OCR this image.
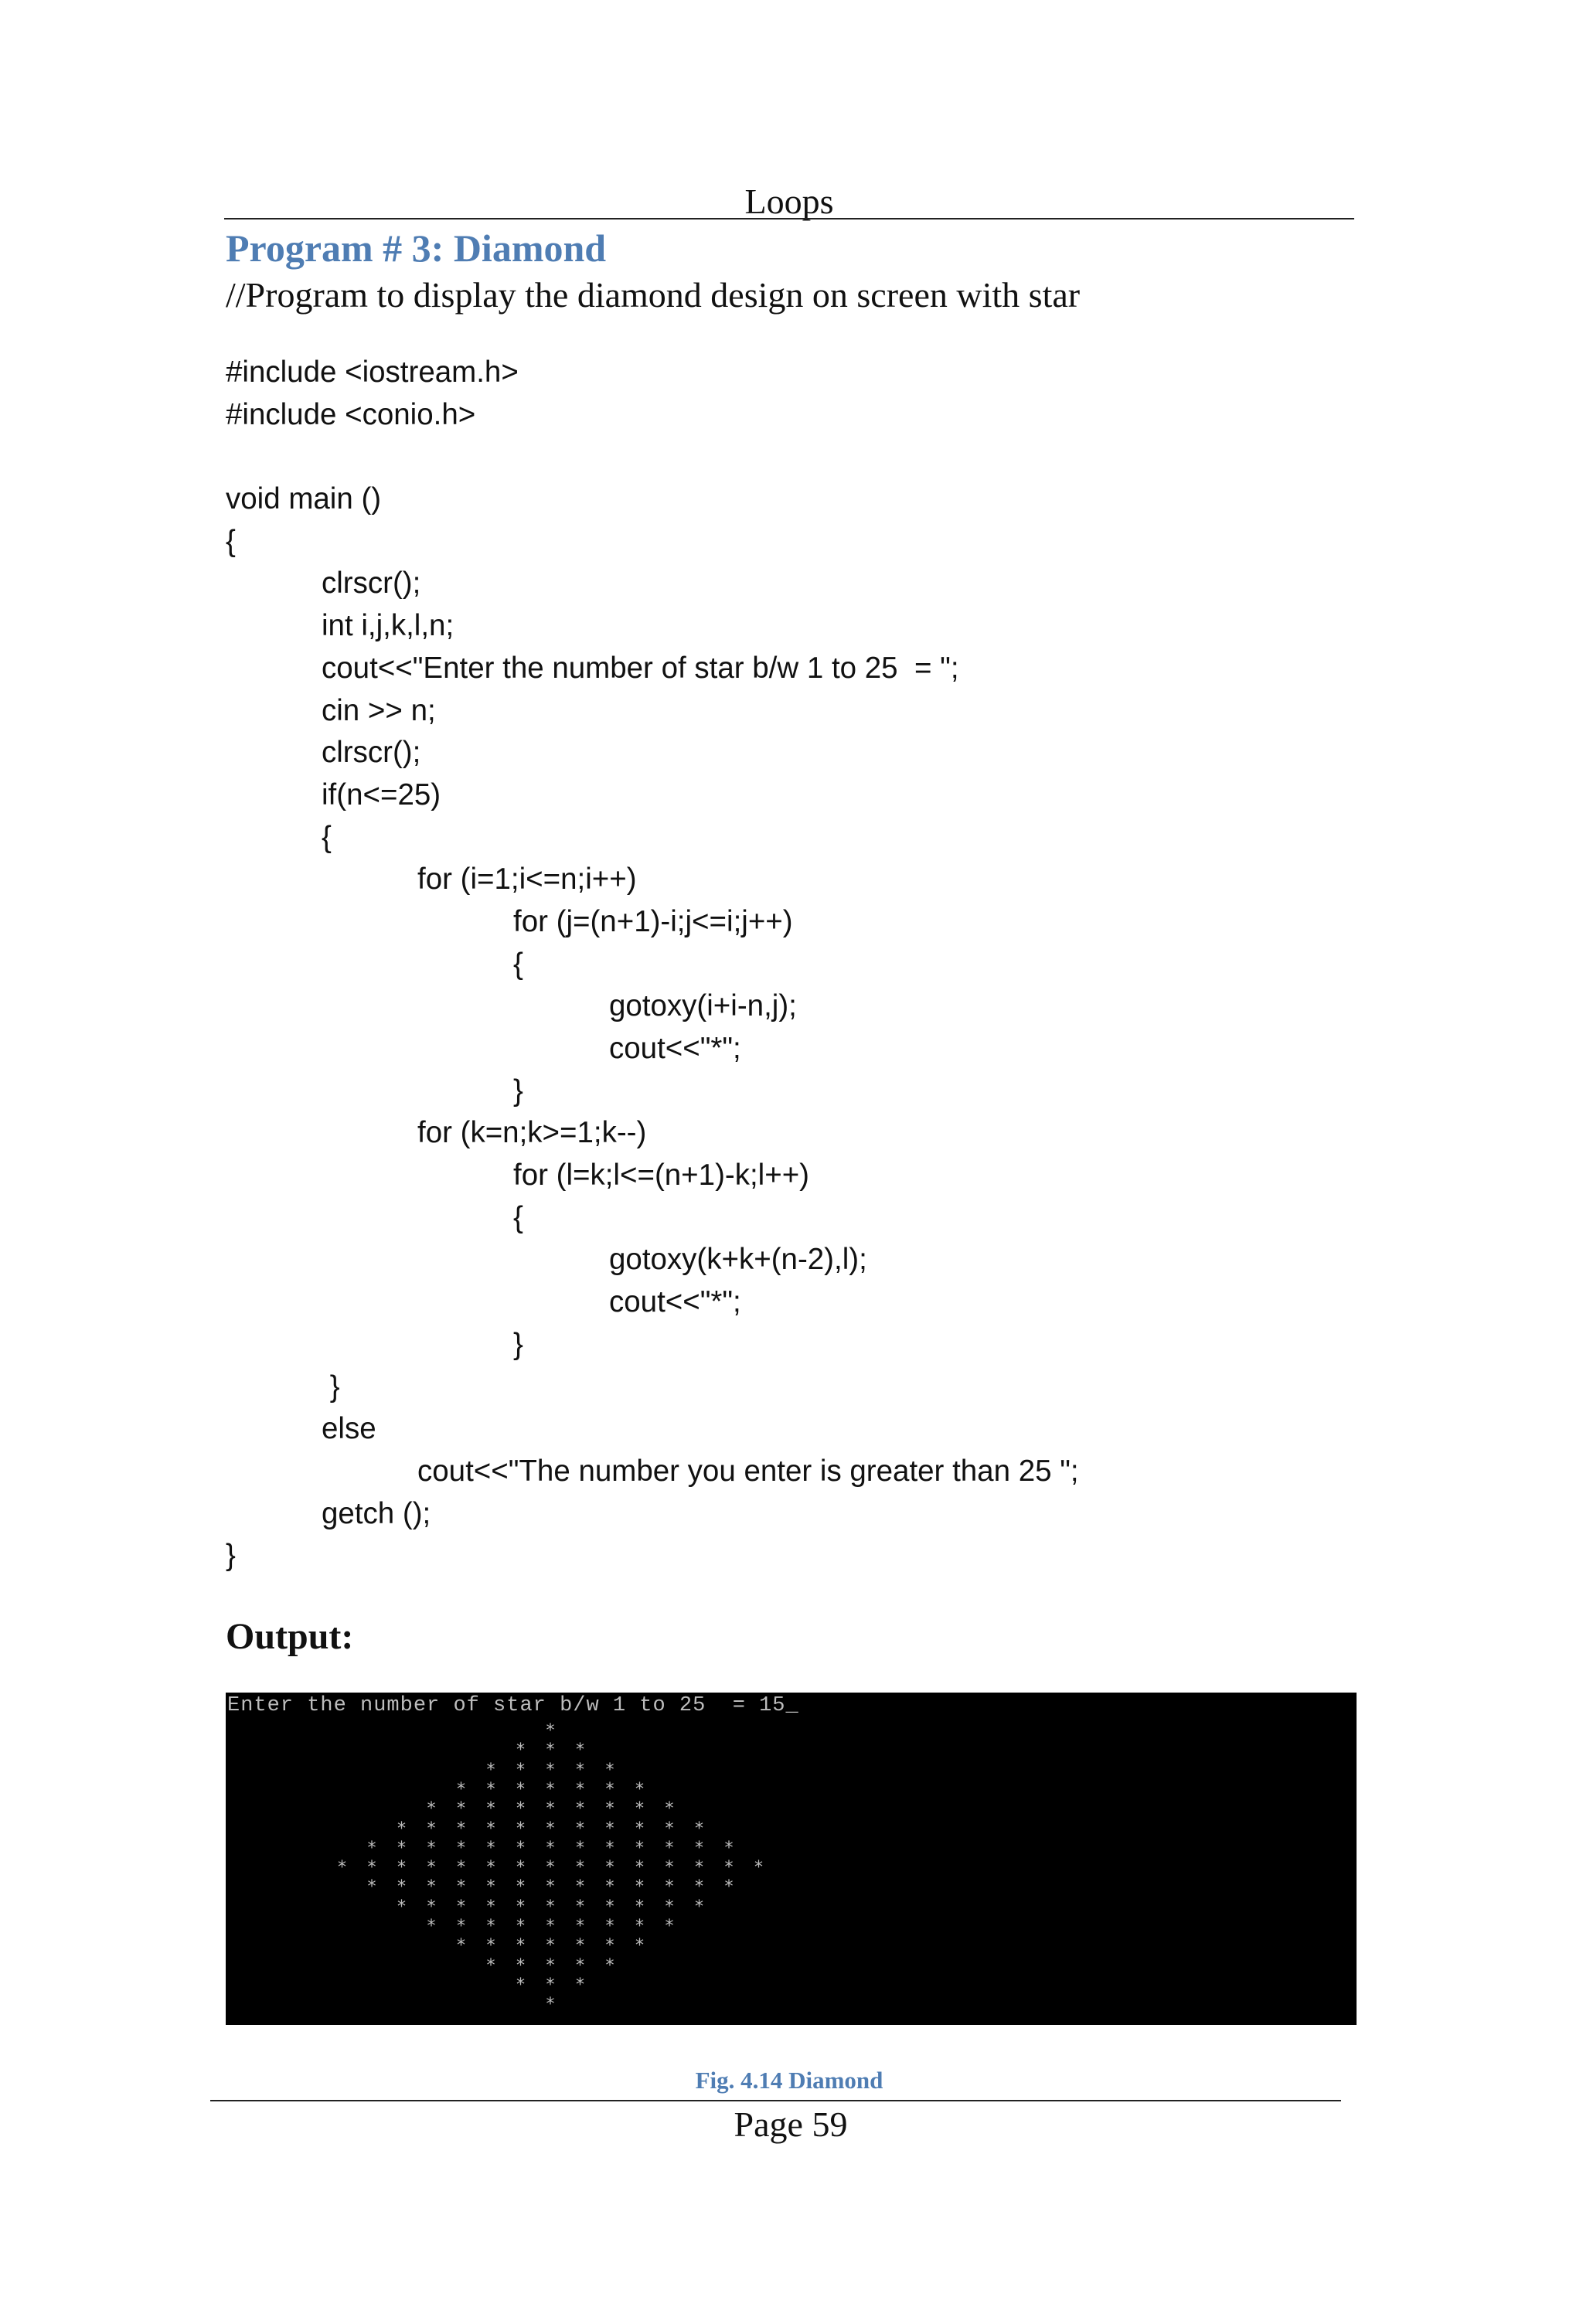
Loops
Program # 3: Diamond
//Program to display the diamond design on screen with star
#include <iostream.h>
#include <conio.h>
void main ()
{
clrscr();
int i,j,k,l,n;
cout<<"Enter the number of star b/w 1 to 25  = ";
cin >> n;
clrscr();
if(n<=25)
{
for (i=1;i<=n;i++)
for (j=(n+1)-i;j<=i;j++)
{
gotoxy(i+i-n,j);
cout<<"*";
}
for (k=n;k>=1;k--)
for (l=k;l<=(n+1)-k;l++)
{
gotoxy(k+k+(n-2),l);
cout<<"*";
}
}
else
cout<<"The number you enter is greater than 25 ";
getch ();
}
Output:
Enter the number of star b/w 1 to 25  = 15_
*
* * *
* * * * *
* * * * * * *
* * * * * * * * *
* * * * * * * * * * *
* * * * * * * * * * * * *
* * * * * * * * * * * * * * *
* * * * * * * * * * * * *
* * * * * * * * * * *
* * * * * * * * *
* * * * * * *
* * * * *
* * *
*
Fig. 4.14 Diamond
Page 59
